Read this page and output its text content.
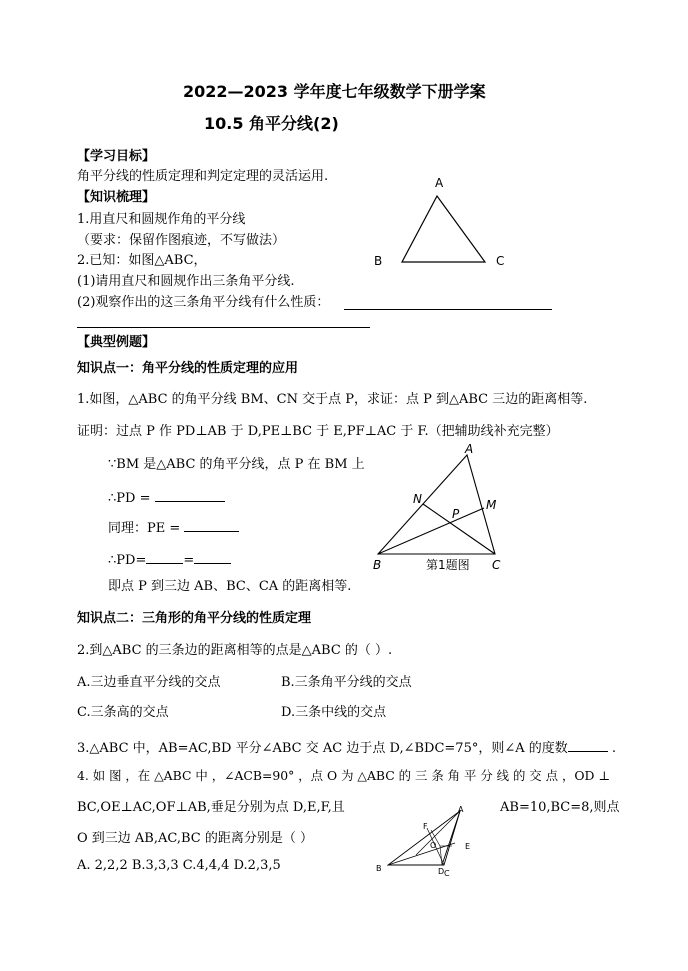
2022—2023 学年度七年级数学下册学案
10.5 角平分线(2)
【学习目标】
角平分线的性质定理和判定定理的灵活运用.
【知识梳理】
1.用直尺和圆规作角的平分线
（要求：保留作图痕迹，不写做法）
2.已知：如图△ABC，
(1)请用直尺和圆规作出三条角平分线.
(2)观察作出的这三条角平分线有什么性质：
A
B	C
【典型例题】
知识点一：角平分线的性质定理的应用
1.如图，△ABC 的角平分线 BM、CN 交于点 P，求证：点 P 到△ABC 三边的距离相等.
证明：过点 P 作 PD⊥AB 于 D,PE⊥BC 于 E,PF⊥AC 于 F.（把辅助线补充完整）
∵BM 是△ABC 的角平分线，点 P 在 BM 上
∴PD =
同理：PE =
∴PD=	=
即点 P 到三边 AB、BC、CA 的距离相等.
A
B	C
N	M
P
第1题图
知识点二：三角形的角平分线的性质定理
2.到△ABC 的三条边的距离相等的点是△ABC 的（ ）.
A.三边垂直平分线的交点	B.三条角平分线的交点
C.三条高的交点	D.三条中线的交点
3.△ABC 中，AB=AC,BD 平分∠ABC 交 AC 边于点 D,∠BDC=75°，则∠A 的度数	.
4. 如 图 ，在 △ABC 中 ，∠ACB=90° ，点 O 为 △ABC 的 三 条 角 平 分 线 的 交 点 ，OD ⊥
BC,OE⊥AC,OF⊥AB,垂足分别为点 D,E,F,且	AB=10,BC=8,则点
O 到三边 AB,AC,BC 的距离分别是（ ）
A. 2,2,2 B.3,3,3 C.4,4,4 D.2,3,5
A
B
C
D
E
F
O
